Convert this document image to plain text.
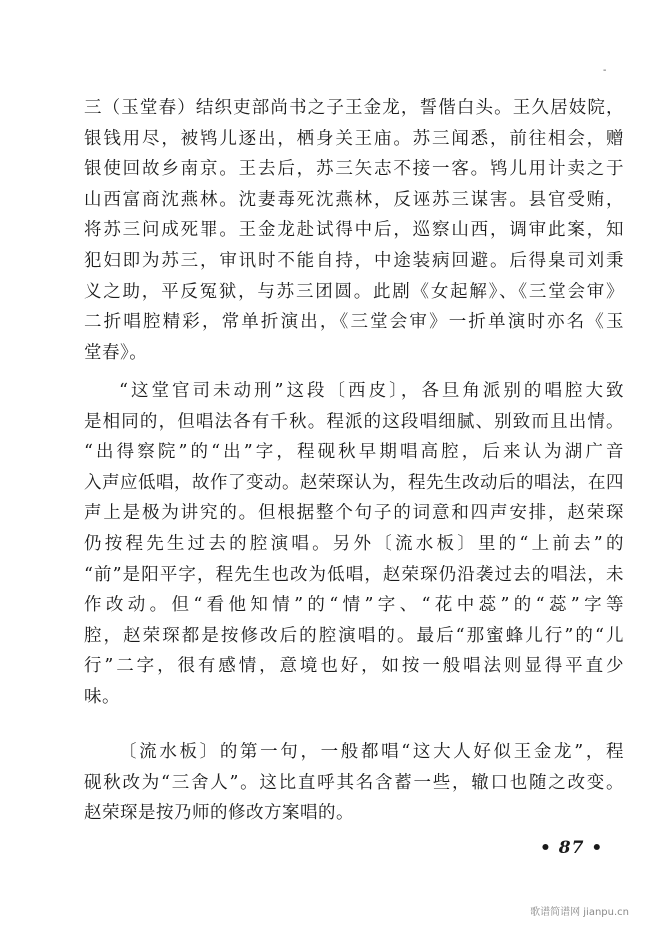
-

三（玉堂春）结织吏部尚书之子王金龙，誓偕白头。王久居妓院，
银钱用尽，被鸨儿逐出，栖身关王庙。苏三闻悉，前往相会，赠
银使回故乡南京。王去后，苏三矢志不接一客。鸨儿用计卖之于
山西富商沈燕林。沈妻毒死沈燕林，反诬苏三谋害。县官受贿，
将苏三问成死罪。王金龙赴试得中后，巡察山西，调审此案，知
犯妇即为苏三，审讯时不能自持，中途装病回避。后得臬司刘秉
义之助，平反冤狱，与苏三团圆。此剧《女起解》、《三堂会审》
二折唱腔精彩，常单折演出，《三堂会审》一折单演时亦名《玉
堂春》。

“这堂官司未动刑”这段〔西皮〕，各旦角派别的唱腔大致
是相同的，但唱法各有千秋。程派的这段唱细腻、别致而且出情。
“出得察院”的“出”字，程砚秋早期唱高腔，后来认为湖广音
入声应低唱，故作了变动。赵荣琛认为，程先生改动后的唱法，在四
声上是极为讲究的。但根据整个句子的词意和四声安排，赵荣琛
仍按程先生过去的腔演唱。另外〔流水板〕里的“上前去”的
“前”是阳平字，程先生也改为低唱，赵荣琛仍沿袭过去的唱法，未
作改动。但“看他知情”的“情”字、“花中蕊”的“蕊”字等
腔，赵荣琛都是按修改后的腔演唱的。最后“那蜜蜂儿行”的“儿
行”二字，很有感情，意境也好，如按一般唱法则显得平直少
味。

〔流水板〕的第一句，一般都唱“这大人好似王金龙”，程
砚秋改为“三舍人”。这比直呼其名含蓄一些，辙口也随之改变。
赵荣琛是按乃师的修改方案唱的。

• 87 •
歌谱简谱网 jianpu.cn
